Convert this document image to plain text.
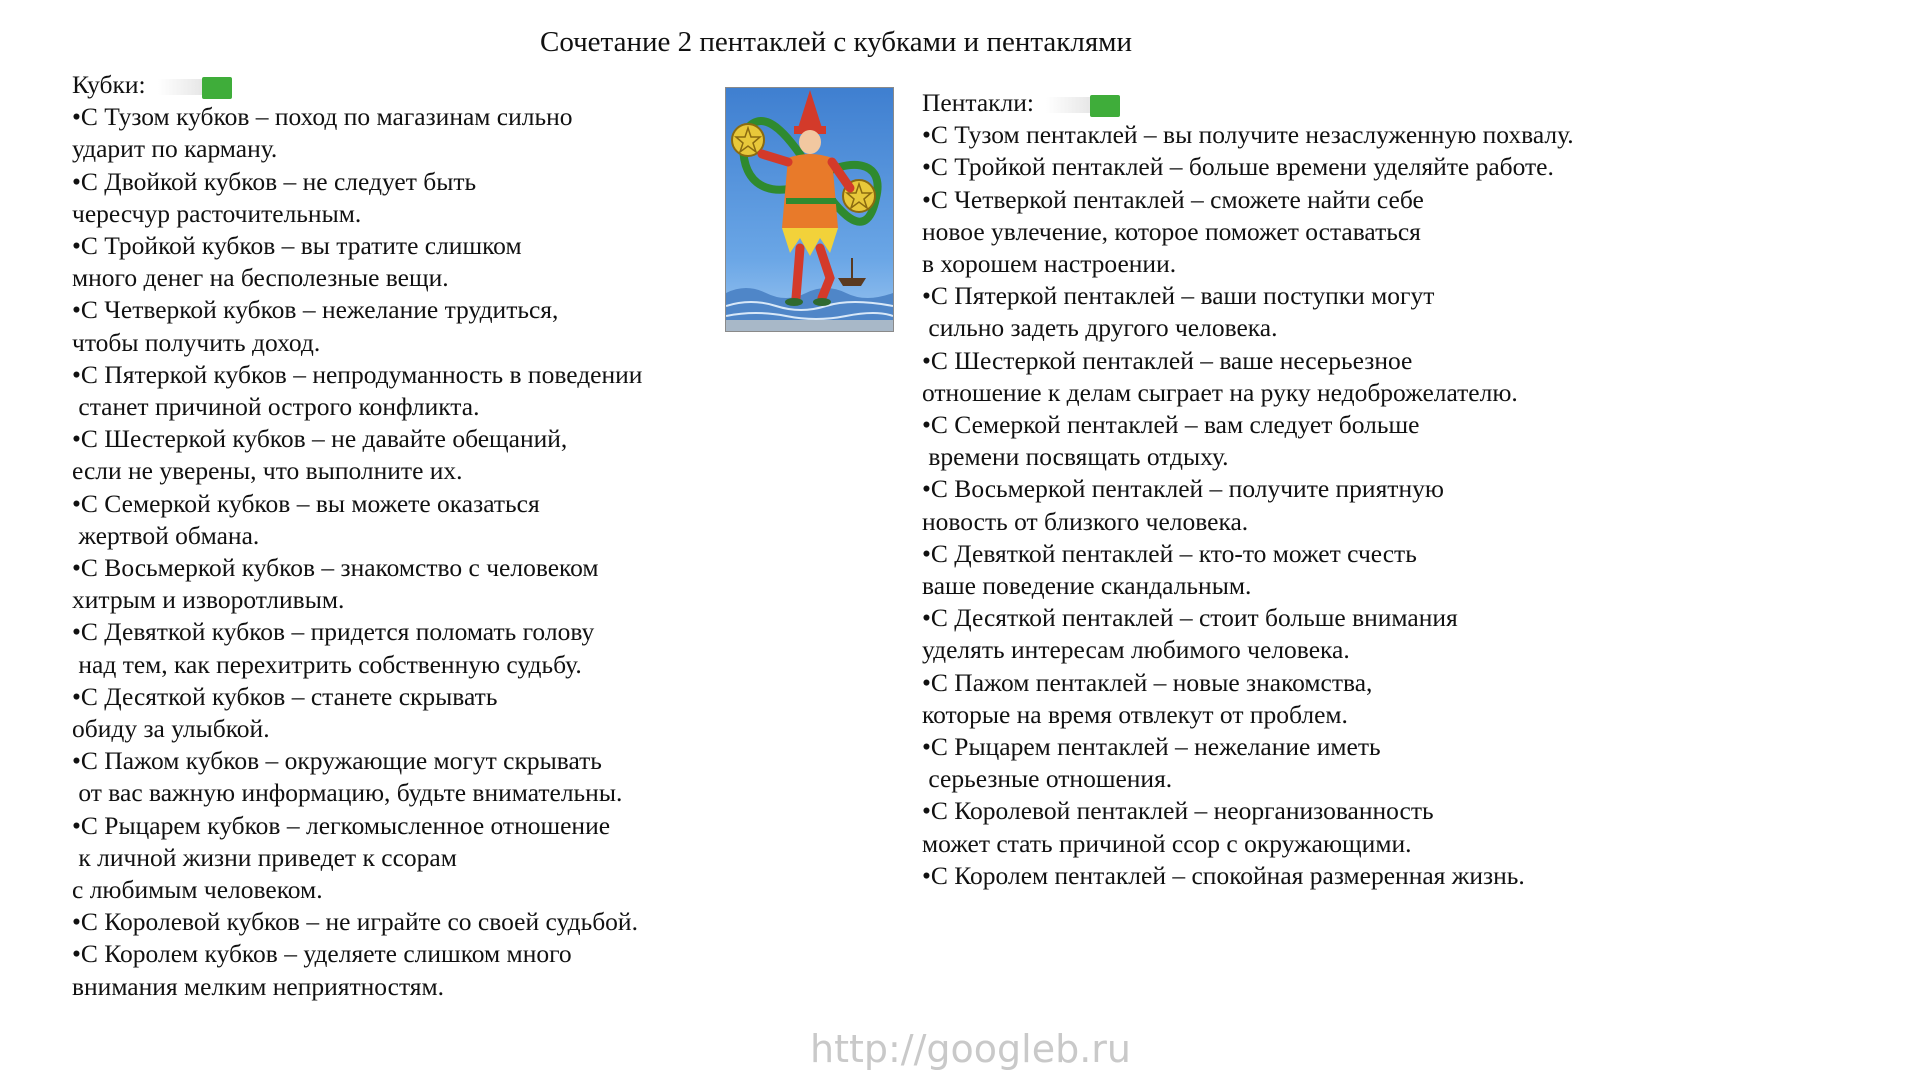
Сочетание 2 пентаклей с кубками и пентаклями
Кубки:
•С Тузом кубков – поход по магазинам сильно
ударит по карману.
•С Двойкой кубков – не следует быть
чересчур расточительным.
•С Тройкой кубков – вы тратите слишком
много денег на бесполезные вещи.
•С Четверкой кубков – нежелание трудиться,
чтобы получить доход.
•С Пятеркой кубков – непродуманность в поведении
станет причиной острого конфликта.
•С Шестеркой кубков – не давайте обещаний,
если не уверены, что выполните их.
•С Семеркой кубков – вы можете оказаться
жертвой обмана.
•С Восьмеркой кубков – знакомство с человеком
хитрым и изворотливым.
•С Девяткой кубков – придется поломать голову
над тем, как перехитрить собственную судьбу.
•С Десяткой кубков – станете скрывать
обиду за улыбкой.
•С Пажом кубков – окружающие могут скрывать
от вас важную информацию, будьте внимательны.
•С Рыцарем кубков – легкомысленное отношение
к личной жизни приведет к ссорам
с любимым человеком.
•С Королевой кубков – не играйте со своей судьбой.
•С Королем кубков – уделяете слишком много
внимания мелким неприятностям.
Пентакли:
•С Тузом пентаклей – вы получите незаслуженную похвалу.
•С Тройкой пентаклей – больше времени уделяйте работе.
•С Четверкой пентаклей – сможете найти себе
новое увлечение, которое поможет оставаться
в хорошем настроении.
•С Пятеркой пентаклей – ваши поступки могут
сильно задеть другого человека.
•С Шестеркой пентаклей – ваше несерьезное
отношение к делам сыграет на руку недоброжелателю.
•С Семеркой пентаклей – вам следует больше
времени посвящать отдыху.
•С Восьмеркой пентаклей – получите приятную
новость от близкого человека.
•С Девяткой пентаклей – кто-то может счесть
ваше поведение скандальным.
•С Десяткой пентаклей – стоит больше внимания
уделять интересам любимого человека.
•С Пажом пентаклей – новые знакомства,
которые на время отвлекут от проблем.
•С Рыцарем пентаклей – нежелание иметь
серьезные отношения.
•С Королевой пентаклей – неорганизованность
может стать причиной ссор с окружающими.
•С Королем пентаклей – спокойная размеренная жизнь.
http://googleb.ru
